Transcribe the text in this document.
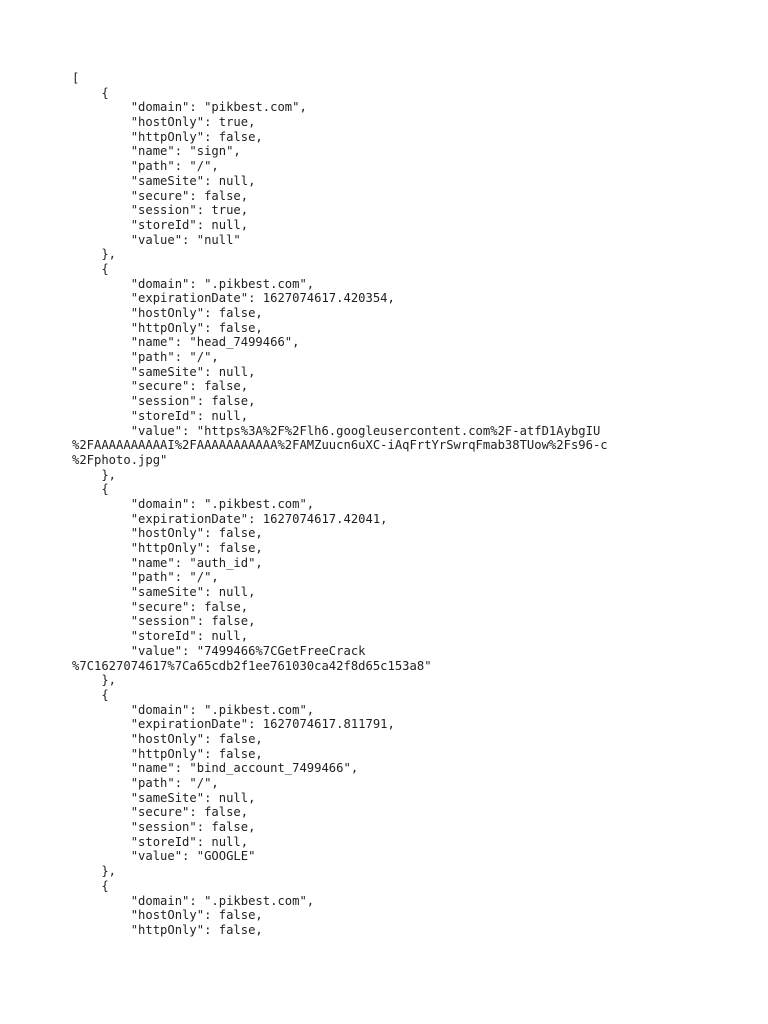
[
{
"domain": "pikbest.com",
"hostOnly": true,
"httpOnly": false,
"name": "sign",
"path": "/",
"sameSite": null,
"secure": false,
"session": true,
"storeId": null,
"value": "null"
},
{
"domain": ".pikbest.com",
"expirationDate": 1627074617.420354,
"hostOnly": false,
"httpOnly": false,
"name": "head_7499466",
"path": "/",
"sameSite": null,
"secure": false,
"session": false,
"storeId": null,
"value": "https%3A%2F%2Flh6.googleusercontent.com%2F-atfD1AybgIU
%2FAAAAAAAAAAI%2FAAAAAAAAAAA%2FAMZuucn6uXC-iAqFrtYrSwrqFmab38TUow%2Fs96-c
%2Fphoto.jpg"
},
{
"domain": ".pikbest.com",
"expirationDate": 1627074617.42041,
"hostOnly": false,
"httpOnly": false,
"name": "auth_id",
"path": "/",
"sameSite": null,
"secure": false,
"session": false,
"storeId": null,
"value": "7499466%7CGetFreeCrack
%7C1627074617%7Ca65cdb2f1ee761030ca42f8d65c153a8"
},
{
"domain": ".pikbest.com",
"expirationDate": 1627074617.811791,
"hostOnly": false,
"httpOnly": false,
"name": "bind_account_7499466",
"path": "/",
"sameSite": null,
"secure": false,
"session": false,
"storeId": null,
"value": "GOOGLE"
},
{
"domain": ".pikbest.com",
"hostOnly": false,
"httpOnly": false,
